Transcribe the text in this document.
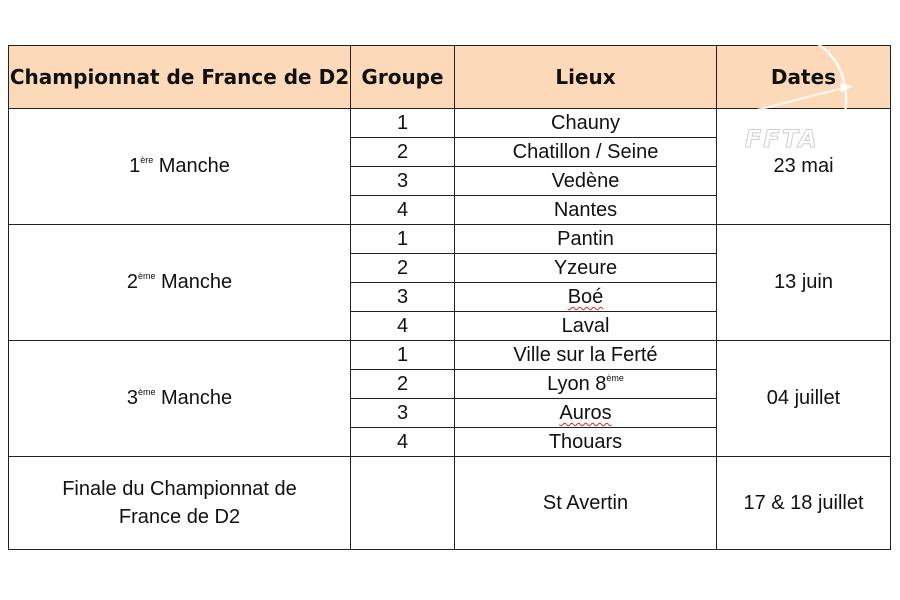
Championnat de France de D2	Groupe	Lieux	Dates
1ère Manche	1	Chauny	23 mai
	2	Chatillon / Seine	
	3	Vedène	
	4	Nantes	
2ème Manche	1	Pantin	13 juin
	2	Yzeure	
	3	Boé	
	4	Laval	
3ème Manche	1	Ville sur la Ferté	04 juillet
	2	Lyon 8ème
	3	Auros	
	4	Thouars	

Finale du Championnat de France de D2		St Avertin	17 & 18 juillet
FFTA
